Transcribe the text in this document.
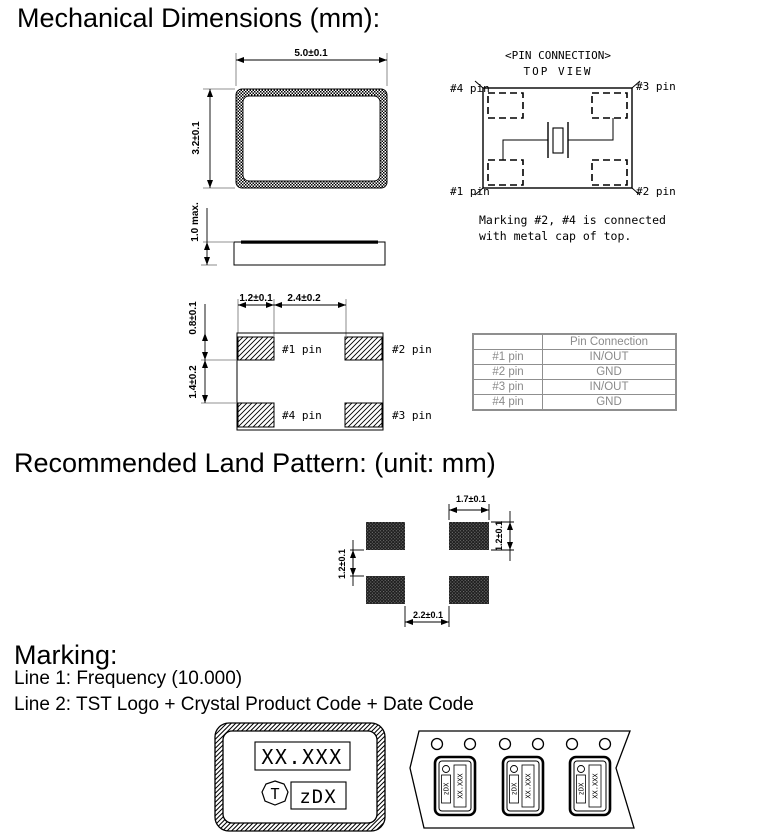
Mechanical Dimensions (mm):
Recommended Land Pattern: (unit: mm)
Marking:
Line 1: Frequency (10.000)
Line 2: TST Logo + Crystal Product Code + Date Code
5.0±0.1
3.2±0.1
1.0 max.
<PIN CONNECTION>
TOP VIEW
#4 pin	#3 pin
#1 pin	#2 pin
Marking #2, #4 is connected
with metal cap of top.
1.2±0.1 2.4±0.2
0.8±0.1
1.4±0.2
#1 pin	#2 pin
#4 pin	#3 pin
	Pin Connection
#1 pin	IN/OUT
#2 pin	GND
#3 pin	IN/OUT
#4 pin	GND
1.7±0.1
1.2±0.1
1.2±0.1
2.2±0.1
XX.XXX
T zDX	zDX XX.XXX	zDX XX.XXX	zDX XX.XXX
